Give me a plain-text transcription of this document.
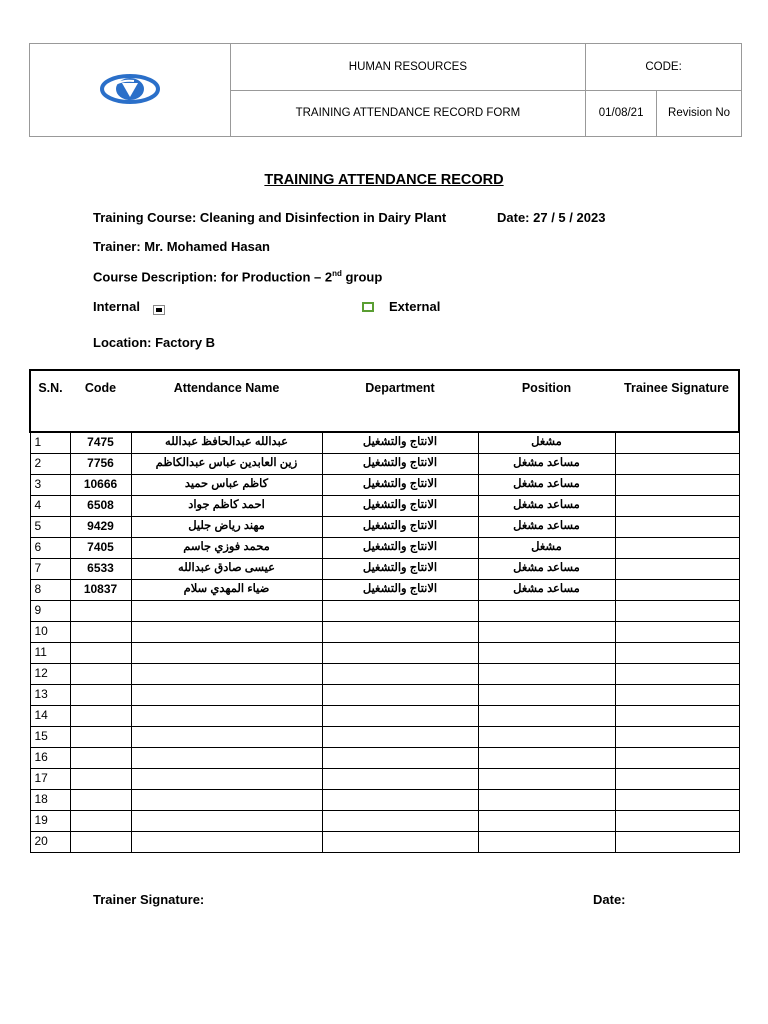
	HUMAN RESOURCES	CODE:	
	TRAINING ATTENDANCE RECORD FORM	01/08/21	Revision No
TRAINING ATTENDANCE RECORD
Training Course: Cleaning and Disinfection in Dairy Plant	Date: 27 / 5 / 2023
Trainer: Mr. Mohamed Hasan
Course Description: for Production – 2nd group
Internal	External
Location: Factory B
S.N.	Code	Attendance Name	Department	Position	Trainee Signature
1	7475	عبدالله عبدالحافظ عبدالله	الانتاج والتشغيل	مشغل	
2	7756	زين العابدين عباس عبدالكاظم	الانتاج والتشغيل	مساعد مشغل	
3	10666	كاظم عباس حميد	الانتاج والتشغيل	مساعد مشغل	
4	6508	احمد كاظم جواد	الانتاج والتشغيل	مساعد مشغل	
5	9429	مهند رياض جليل	الانتاج والتشغيل	مساعد مشغل	
6	7405	محمد فوزي جاسم	الانتاج والتشغيل	مشغل	
7	6533	عيسى صادق عبدالله	الانتاج والتشغيل	مساعد مشغل	
8	10837	ضياء المهدي سلام	الانتاج والتشغيل	مساعد مشغل	
9					
10					
11					
12					
13					
14					
15					
16					
17					
18					
19					
20					
Trainer Signature:	Date:
